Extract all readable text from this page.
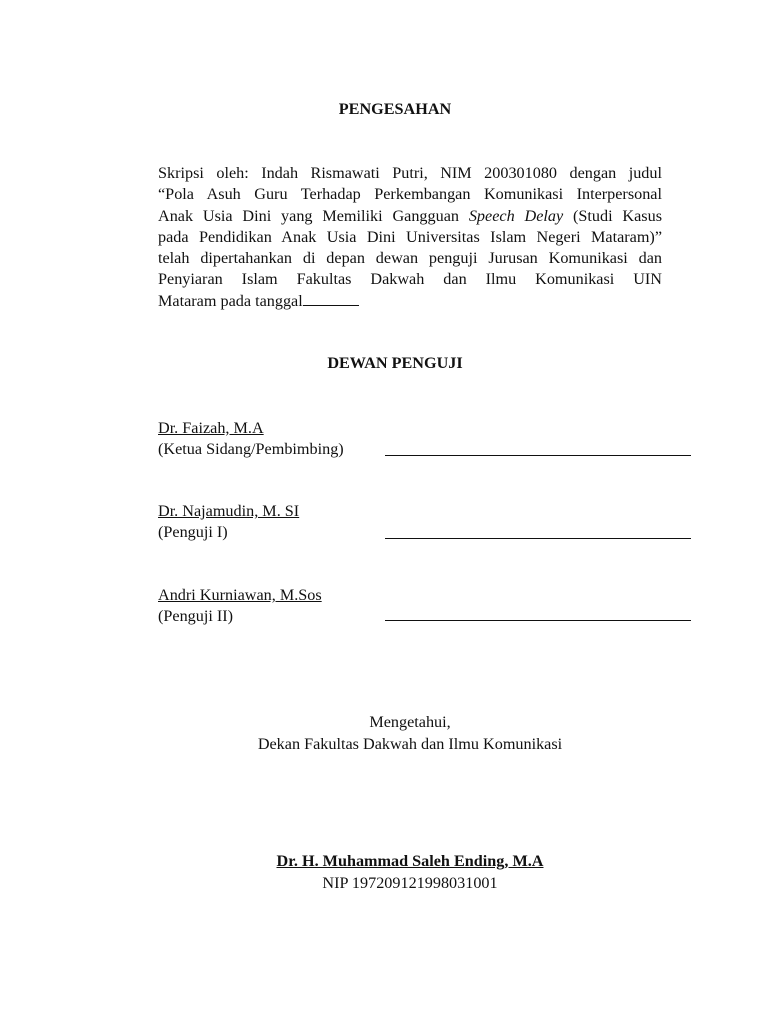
PENGESAHAN
Skripsi oleh: Indah Rismawati Putri, NIM 200301080 dengan judul
“Pola Asuh Guru Terhadap Perkembangan Komunikasi Interpersonal
Anak Usia Dini yang Memiliki Gangguan Speech Delay (Studi Kasus
pada Pendidikan Anak Usia Dini Universitas Islam Negeri Mataram)”
telah dipertahankan di depan dewan penguji Jurusan Komunikasi dan
Penyiaran Islam Fakultas Dakwah dan Ilmu Komunikasi UIN
Mataram pada tanggal
DEWAN PENGUJI
Dr. Faizah, M.A
(Ketua Sidang/Pembimbing)
Dr. Najamudin, M. SI
(Penguji I)
Andri Kurniawan, M.Sos
(Penguji II)
Mengetahui,
Dekan Fakultas Dakwah dan Ilmu Komunikasi
Dr. H. Muhammad Saleh Ending, M.A
NIP 197209121998031001
